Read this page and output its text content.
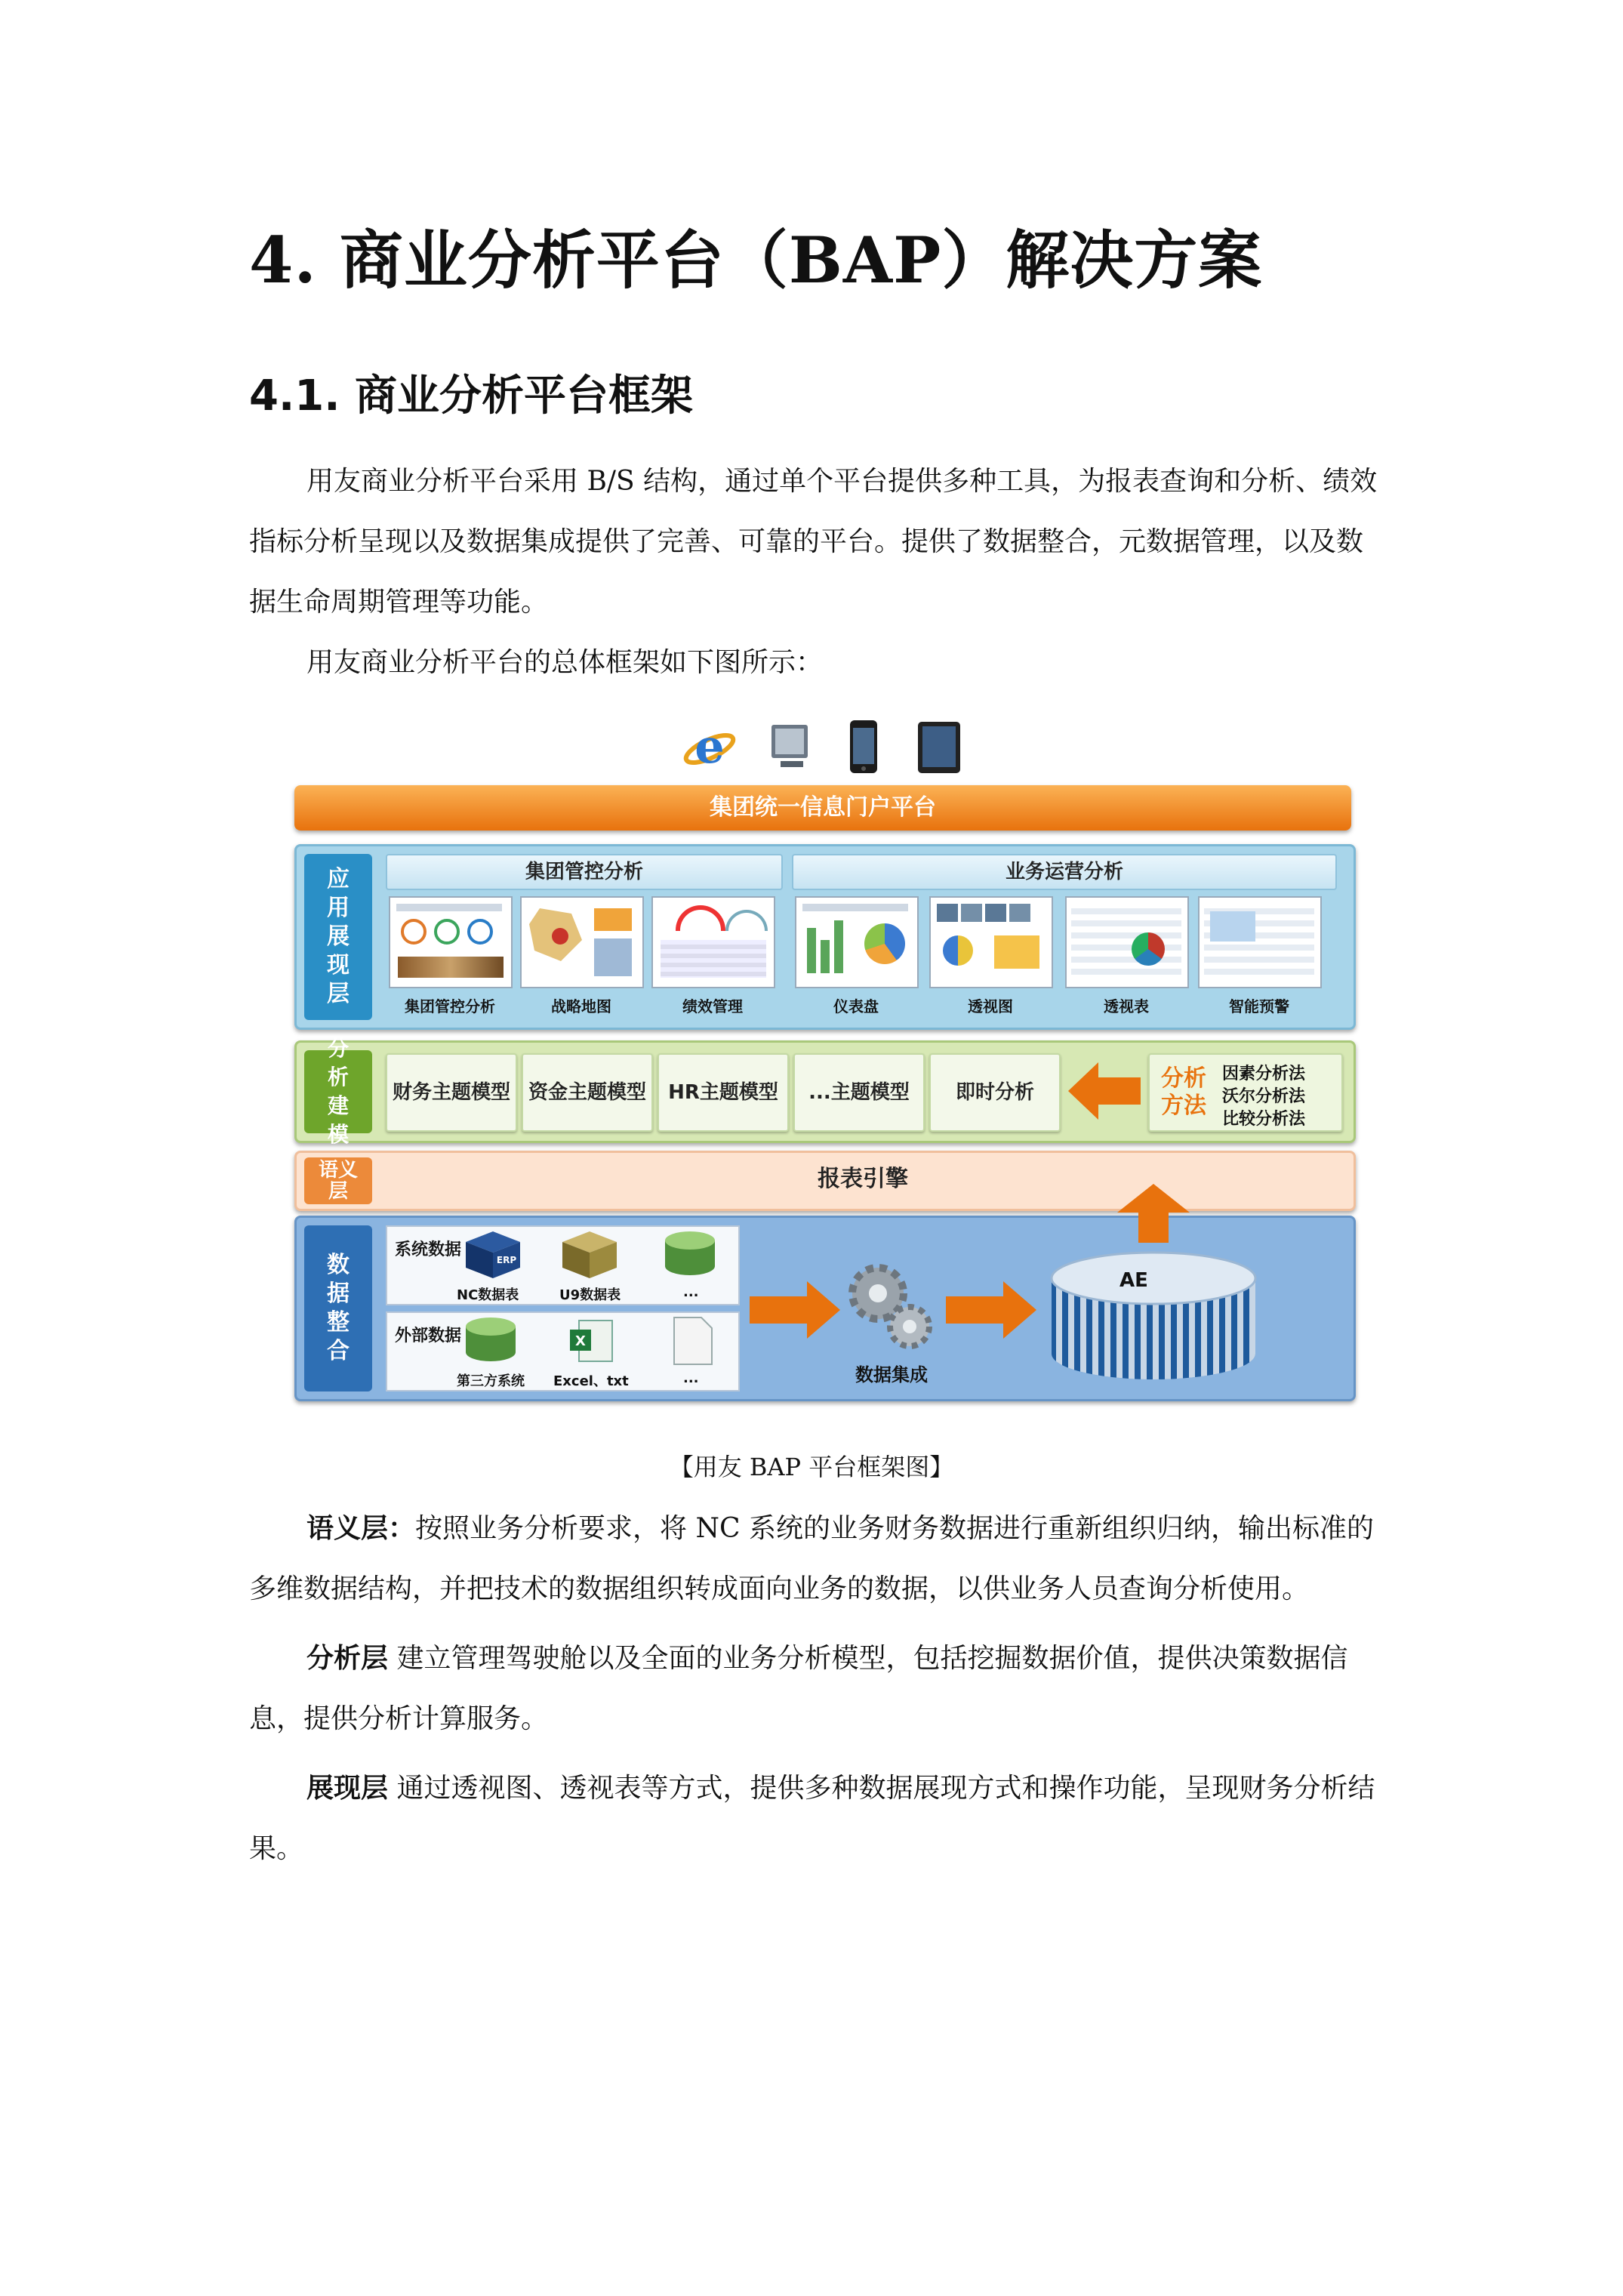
4. 商业分析平台（BAP）解决方案
4.1. 商业分析平台框架

用友商业分析平台采用 B/S 结构，通过单个平台提供多种工具，为报表查询和分析、绩效指标分析呈现以及数据集成提供了完善、可靠的平台。提供了数据整合，元数据管理，以及数据生命周期管理等功能。

用友商业分析平台的总体框架如下图所示：

e
集团统一信息门户平台
应用展现层
集团管控分析	业务运营分析
集团管控分析	战略地图	绩效管理	仪表盘	透视图	透视表	智能预警
分析建模
财务主题模型 资金主题模型	HR主题模型	...主题模型	即时分析
分析方法
因素分析法
沃尔分析法
比较分析法
语义层	报表引擎
数据整合
系统数据
ERP
NC数据表	U9数据表	...
外部数据	X
第三方系统 Excel、txt	...	数据集成
AE
【用友 BAP 平台框架图】

语义层：按照业务分析要求，将 NC 系统的业务财务数据进行重新组织归纳，输出标准的多维数据结构，并把技术的数据组织转成面向业务的数据，以供业务人员查询分析使用。

分析层 建立管理驾驶舱以及全面的业务分析模型，包括挖掘数据价值，提供决策数据信息，提供分析计算服务。

展现层 通过透视图、透视表等方式，提供多种数据展现方式和操作功能，呈现财务分析结果。
